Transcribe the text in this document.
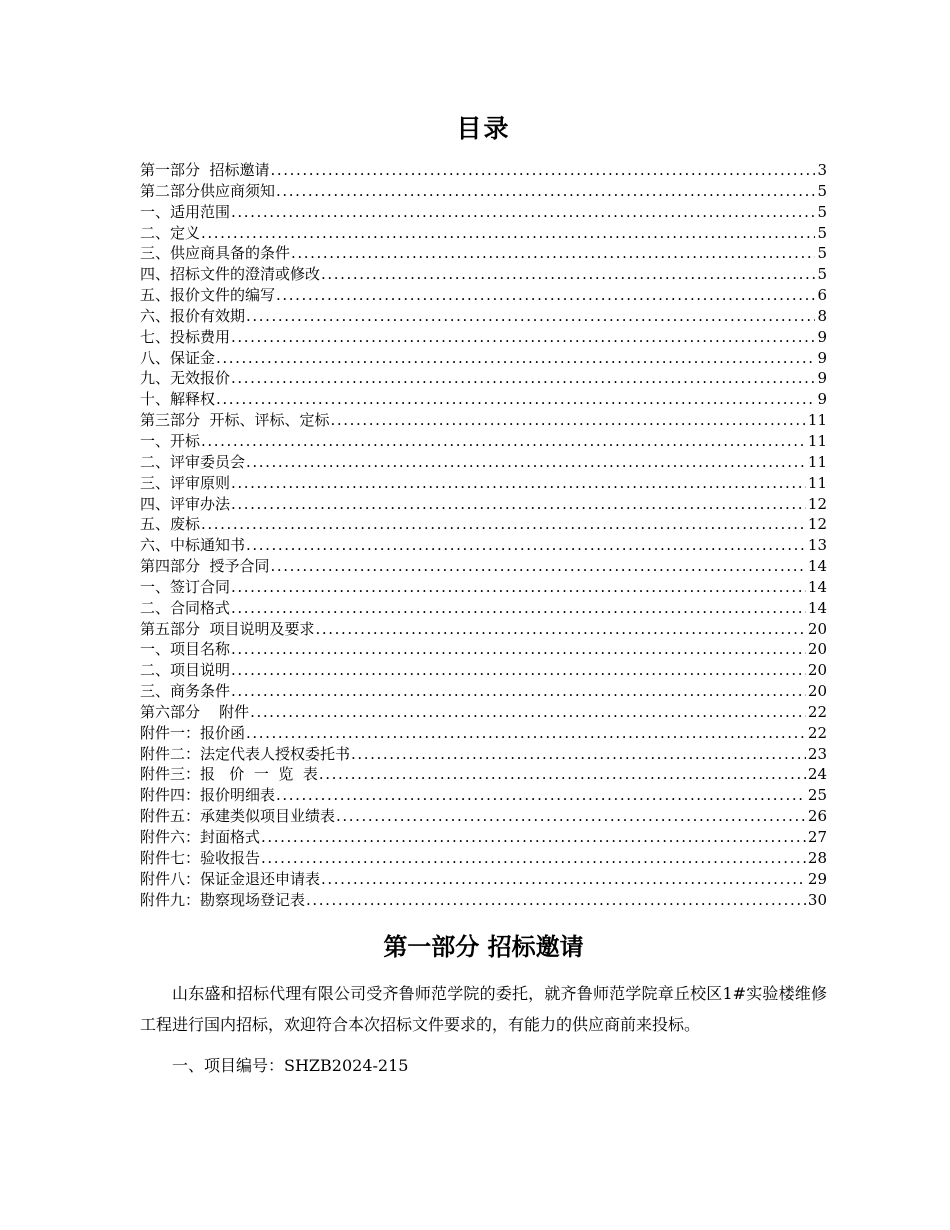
目录
第一部分  招标邀请 .....	3
第二部分供应商须知 .....	5
一、适用范围 .....	5
二、定义 .....	5
三、供应商具备的条件 .....	5
四、招标文件的澄清或修改 .....	5
五、报价文件的编写 .....	6
六、报价有效期 .....	8
七、投标费用 .....	9
八、保证金 .....	9
九、无效报价 .....	9
十、解释权 .....	9
第三部分  开标、评标、定标 .....	11
一、开标 .....	11
二、评审委员会 .....	11
三、评审原则 .....	11
四、评审办法 .....	12
五、废标 .....	12
六、中标通知书 .....	13
第四部分  授予合同 .....	14
一、签订合同 .....	14
二、合同格式 .....	14
第五部分  项目说明及要求 .....	20
一、项目名称 .....	20
二、项目说明 .....	20
三、商务条件 .....	20
第六部分    附件 .....	22
附件一：报价函 .....	22
附件二：法定代表人授权委托书 .....	23
附件三：报   价  一  览  表 .....	24
附件四：报价明细表 .....	25
附件五：承建类似项目业绩表 .....	26
附件六：封面格式 .....	27
附件七：验收报告 .....	28
附件八：保证金退还申请表 .....	29
附件九：勘察现场登记表 .....	30
第一部分 招标邀请

山东盛和招标代理有限公司受齐鲁师范学院的委托，就齐鲁师范学院章丘校区1#实验楼维修工程进行国内招标，欢迎符合本次招标文件要求的，有能力的供应商前来投标。

一、项目编号：SHZB2024-215
